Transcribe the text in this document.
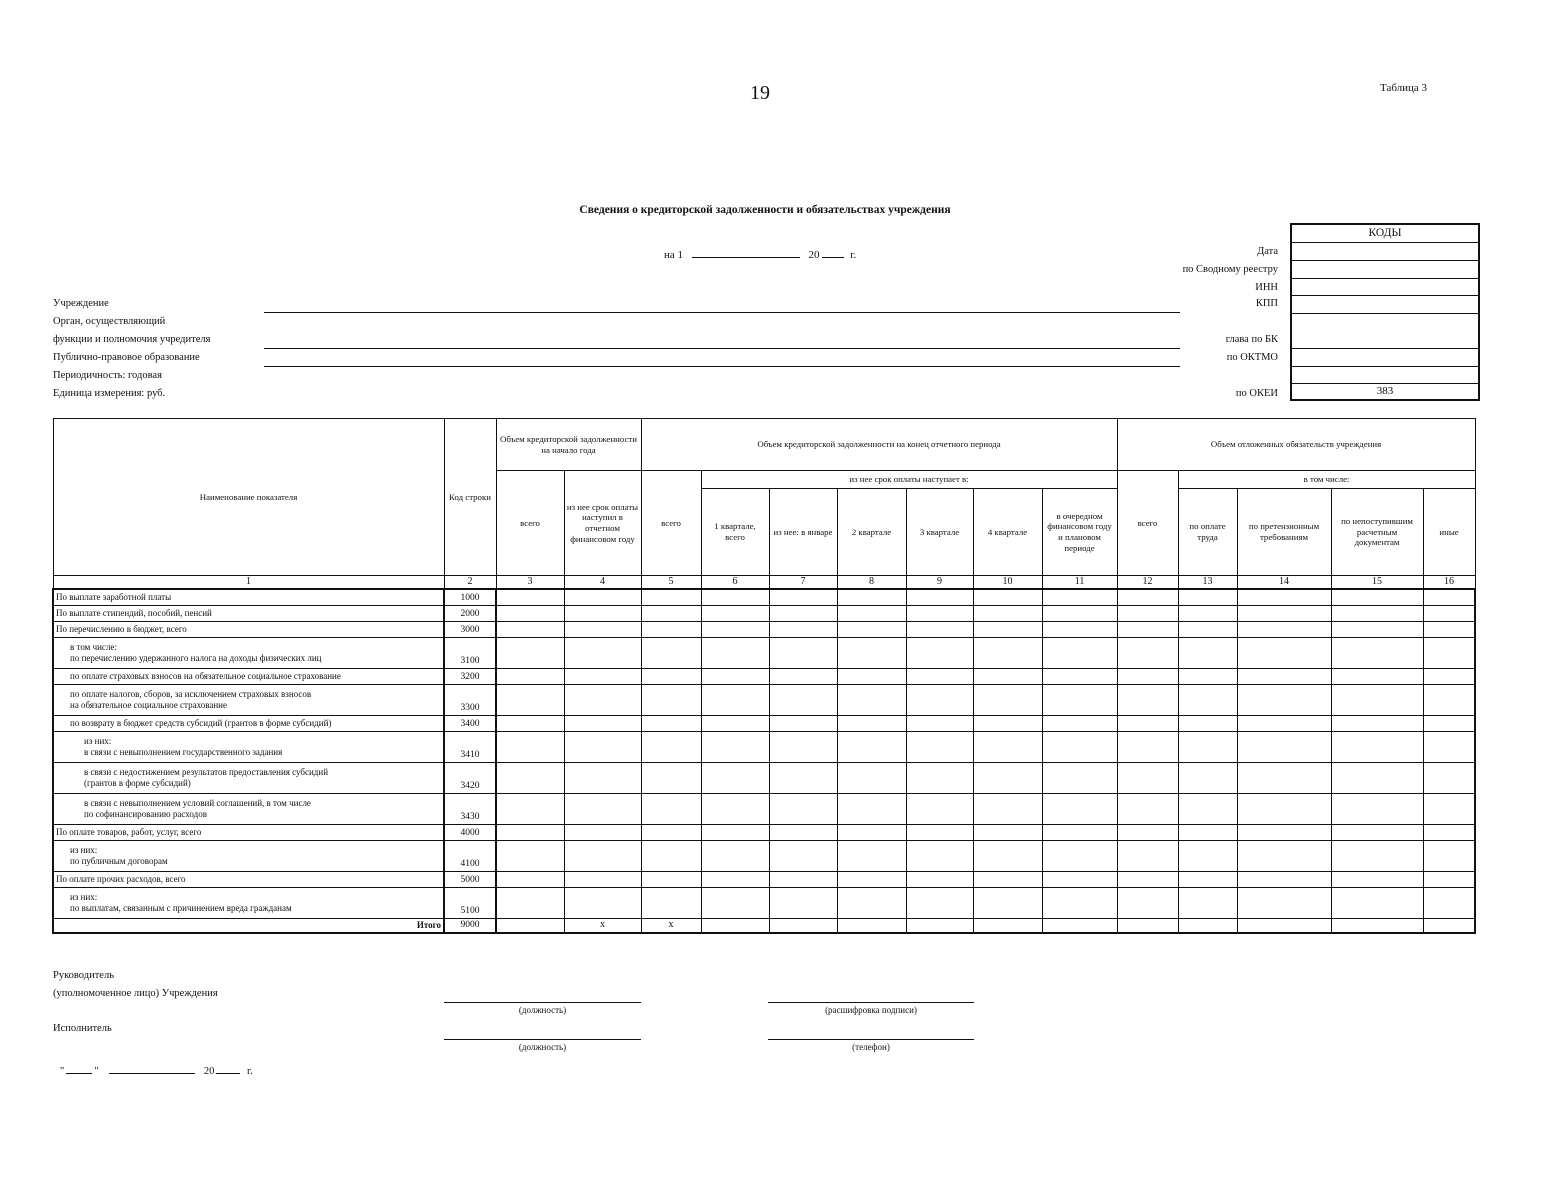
19	Таблица 3
Сведения о кредиторской задолженности и обязательствах учреждения
на 1	20	г.
Учреждение
Орган, осуществляющий
функции и полномочия учредителя
Публично-правовое образование
Периодичность: годовая
Единица измерения: руб.
Дата
по Сводному реестру
ИНН
КПП
глава по БК
по ОКТМО
по ОКЕИ
КОДЫ
383
Наименование показателя	Код строки	Объем кредиторской задолженности на начало года		Объем кредиторской задолженности на конец отчетного периода							Объем отложенных обязательств учреждения				
		всего	из нее срок оплаты наступил в отчетном финансовом году	всего	из нее срок оплаты наступает в:						всего	в том числе:			
					1 квартале, всего	из нее: в январе	2 квартале	3 квартале	4 квартале	в очередном финансовом году и плановом периоде		по оплате труда	по претензионным требованиям	по непоступившим расчетным документам	иные
1	2	3	4	5	6	7	8	9	10	11	12	13	14	15	16

По выплате заработной платы	1000														

По выплате стипендий, пособий, пенсий	2000														

По перечислению в бюджет, всего	3000														

в том числе:
по перечислению удержанного налога на доходы физических лиц	3100														

по оплате страховых взносов на обязательное социальное страхование	3200														

по оплате налогов, сборов, за исключением страховых взносов
на обязательное социальное страхование	3300														

по возврату в бюджет средств субсидий (грантов в форме субсидий)	3400														

из них:
в связи с невыполнением государственного задания	3410														

в связи с недостижением результатов предоставления субсидий
(грантов в форме субсидий)	3420														

в связи с невыполнением условий соглашений, в том числе
по софинансированию расходов	3430														

По оплате товаров, работ, услуг, всего	4000														

из них:
по публичным договорам	4100														

По оплате прочих расходов, всего	5000														

из них:
по выплатам, связанным с причинением вреда гражданам	5100														
Итого	9000		x	x											
Руководитель
(уполномоченное лицо) Учреждения
(должность)	(расшифровка подписи)
Исполнитель
(должность)	(телефон)
"	"	20	г.
